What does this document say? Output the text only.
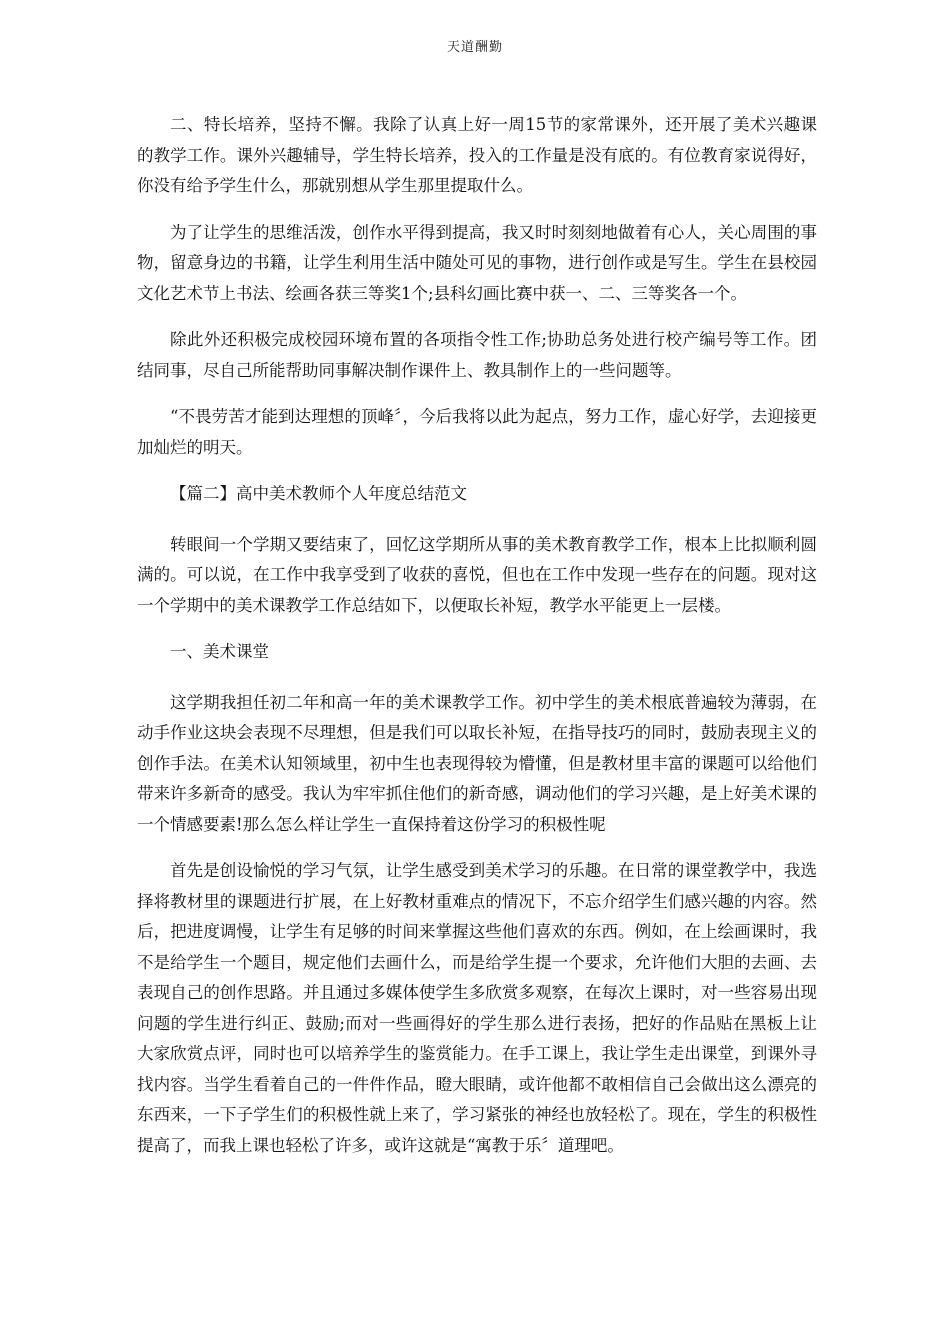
天道酬勤

二、特长培养，坚持不懈。我除了认真上好一周15节的家常课外，还开展了美术兴趣课的教学工作。课外兴趣辅导，学生特长培养，投入的工作量是没有底的。有位教育家说得好，你没有给予学生什么，那就别想从学生那里提取什么。

为了让学生的思维活泼，创作水平得到提高，我又时时刻刻地做着有心人，关心周围的事物，留意身边的书籍，让学生利用生活中随处可见的事物，进行创作或是写生。学生在县校园文化艺术节上书法、绘画各获三等奖1个;县科幻画比赛中获一、二、三等奖各一个。

除此外还积极完成校园环境布置的各项指令性工作;协助总务处进行校产编号等工作。团结同事，尽自己所能帮助同事解决制作课件上、教具制作上的一些问题等。

“不畏劳苦才能到达理想的顶峰〞，今后我将以此为起点，努力工作，虚心好学，去迎接更加灿烂的明天。

【篇二】高中美术教师个人年度总结范文

转眼间一个学期又要结束了，回忆这学期所从事的美术教育教学工作，根本上比拟顺利圆满的。可以说，在工作中我享受到了收获的喜悦，但也在工作中发现一些存在的问题。现对这一个学期中的美术课教学工作总结如下，以便取长补短，教学水平能更上一层楼。

一、美术课堂

这学期我担任初二年和高一年的美术课教学工作。初中学生的美术根底普遍较为薄弱，在动手作业这块会表现不尽理想，但是我们可以取长补短，在指导技巧的同时，鼓励表现主义的创作手法。在美术认知领域里，初中生也表现得较为懵懂，但是教材里丰富的课题可以给他们带来许多新奇的感受。我认为牢牢抓住他们的新奇感，调动他们的学习兴趣，是上好美术课的一个情感要素!那么怎么样让学生一直保持着这份学习的积极性呢

首先是创设愉悦的学习气氛，让学生感受到美术学习的乐趣。在日常的课堂教学中，我选择将教材里的课题进行扩展，在上好教材重难点的情况下，不忘介绍学生们感兴趣的内容。然后，把进度调慢，让学生有足够的时间来掌握这些他们喜欢的东西。例如，在上绘画课时，我不是给学生一个题目，规定他们去画什么，而是给学生提一个要求，允许他们大胆的去画、去表现自己的创作思路。并且通过多媒体使学生多欣赏多观察，在每次上课时，对一些容易出现问题的学生进行纠正、鼓励;而对一些画得好的学生那么进行表扬，把好的作品贴在黑板上让大家欣赏点评，同时也可以培养学生的鉴赏能力。在手工课上，我让学生走出课堂，到课外寻找内容。当学生看着自己的一件件作品，瞪大眼睛，或许他都不敢相信自己会做出这么漂亮的东西来，一下子学生们的积极性就上来了，学习紧张的神经也放轻松了。现在，学生的积极性提高了，而我上课也轻松了许多，或许这就是“寓教于乐〞道理吧。
